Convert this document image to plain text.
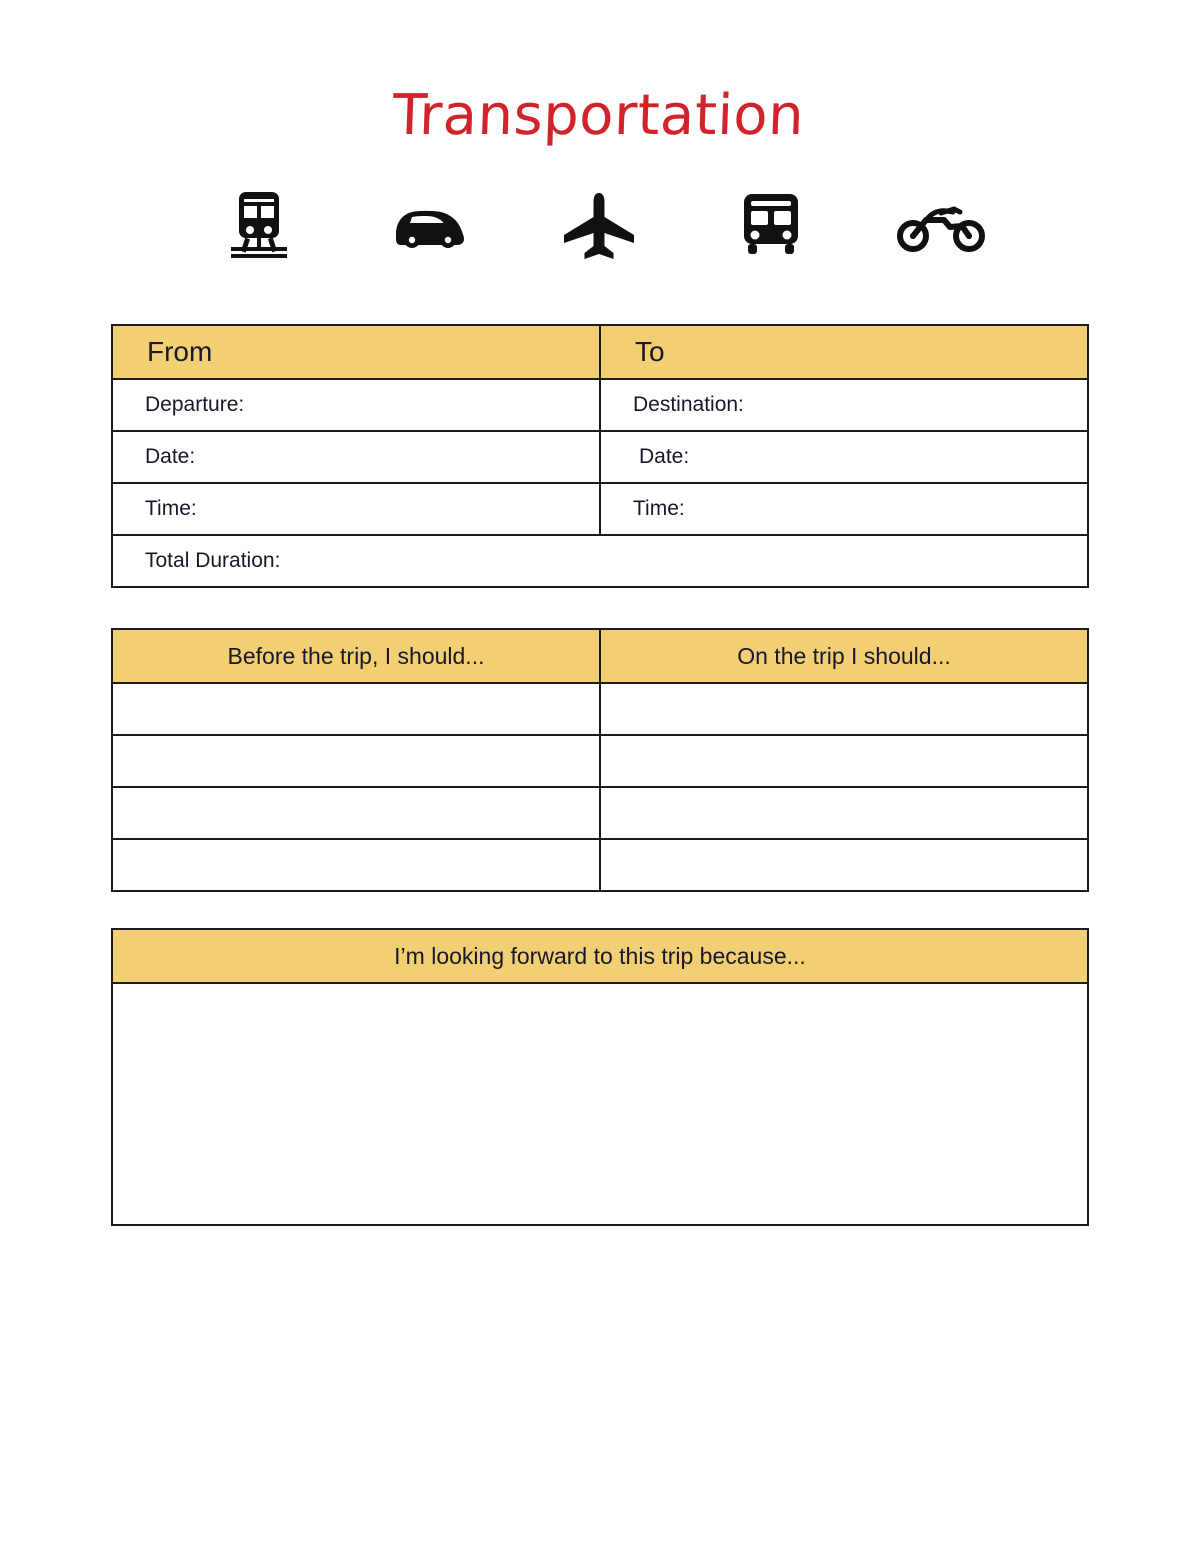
Transportation
From	To
Departure:	Destination:
Date:	Date:
Time:	Time:
Total Duration:	
Before the trip, I should...	On the trip I should...

I’m looking forward to this trip because...
